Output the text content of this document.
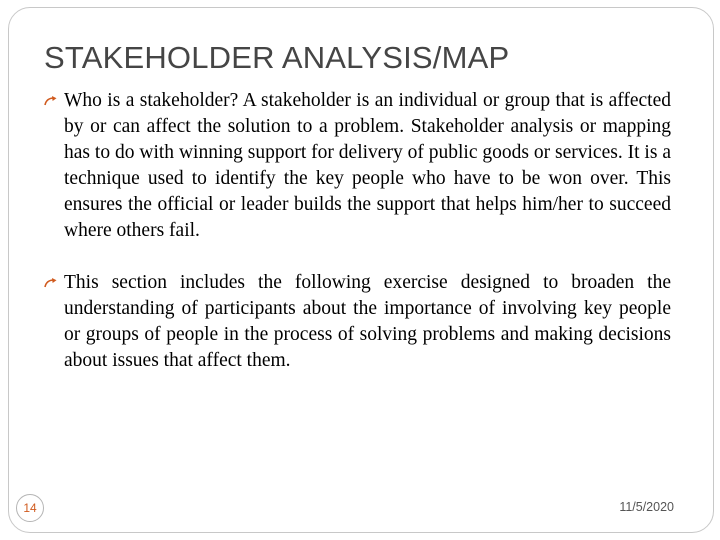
STAKEHOLDER ANALYSIS/MAP
Who is a stakeholder? A stakeholder is an individual or group that is affected by or can affect the solution to a problem. Stakeholder analysis or mapping has to do with winning support for delivery of public goods or services. It is a technique used to identify the key people who have to be won over. This ensures the official or leader builds the support that helps him/her to succeed where others fail.
This section includes the following exercise designed to broaden the understanding of participants about the importance of involving key people or groups of people in the process of solving problems and making decisions about issues that affect them.
14	11/5/2020
